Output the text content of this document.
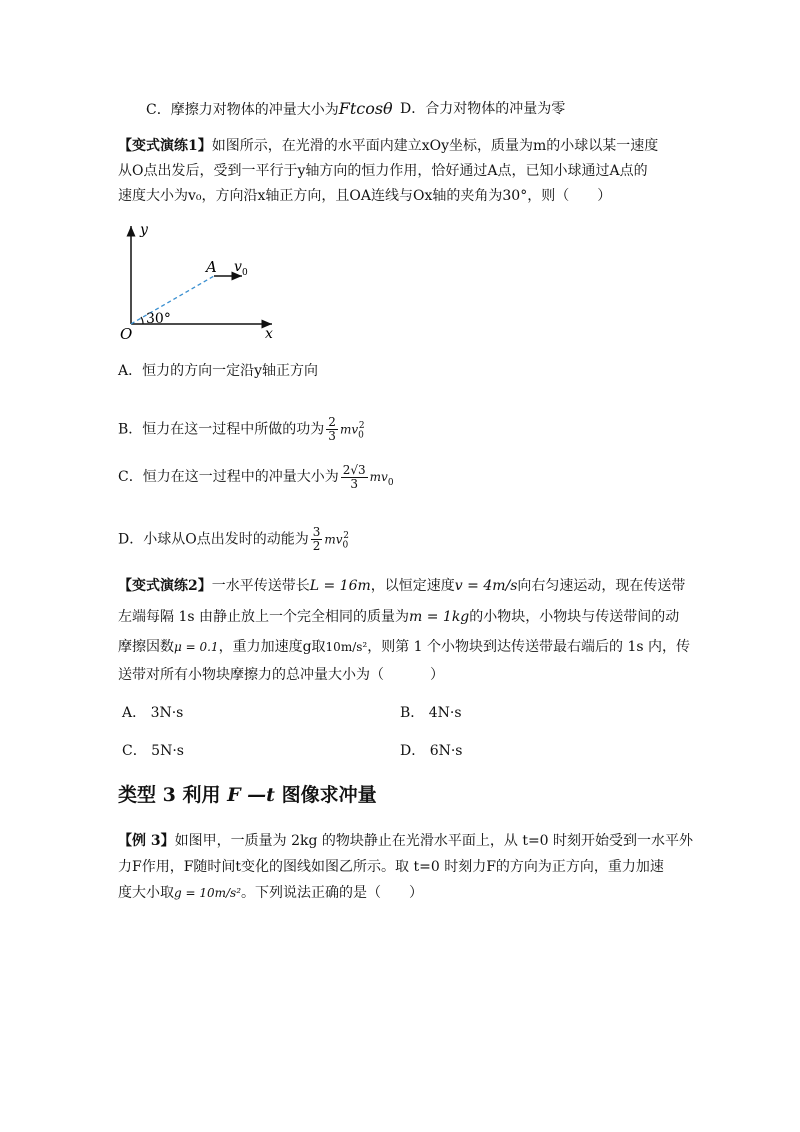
C．摩擦力对物体的冲量大小为Ftcosθ D．合力对物体的冲量为零
【变式演练1】如图所示，在光滑的水平面内建立xOy坐标，质量为m的小球以某一速度
从O点出发后，受到一平行于y轴方向的恒力作用，恰好通过A点，已知小球通过A点的
速度大小为v₀，方向沿x轴正方向，且OA连线与Ox轴的夹角为30°，则（　　）
y
x
O
A v 0
30°
A．恒力的方向一定沿y轴正方向
B．恒力在这一过程中所做的功为 $\frac{2}{3} mv_0^2$
C．恒力在这一过程中的冲量大小为 $\frac{2√3}{3} mv_0$
D．小球从O点出发时的动能为 $\frac{3}{2} mv_0^2$
【变式演练2】一水平传送带长L = 16m，以恒定速度v = 4m/s向右匀速运动，现在传送带
左端每隔 1s 由静止放上一个完全相同的质量为m = 1kg的小物块，小物块与传送带间的动
摩擦因数μ = 0.1，重力加速度g取10m/s²，则第 1 个小物块到达传送带最右端后的 1s 内，传
送带对所有小物块摩擦力的总冲量大小为（	）
A． 3N·s	B． 4N·s
C． 5N·s	D． 6N·s
类型 3 利用 F —t 图像求冲量
【例 3】如图甲，一质量为 2kg 的物块静止在光滑水平面上，从 t=0 时刻开始受到一水平外
力F作用，F随时间t变化的图线如图乙所示。取 t=0 时刻力F的方向为正方向，重力加速
度大小取g = 10m/s²。下列说法正确的是（　　）
